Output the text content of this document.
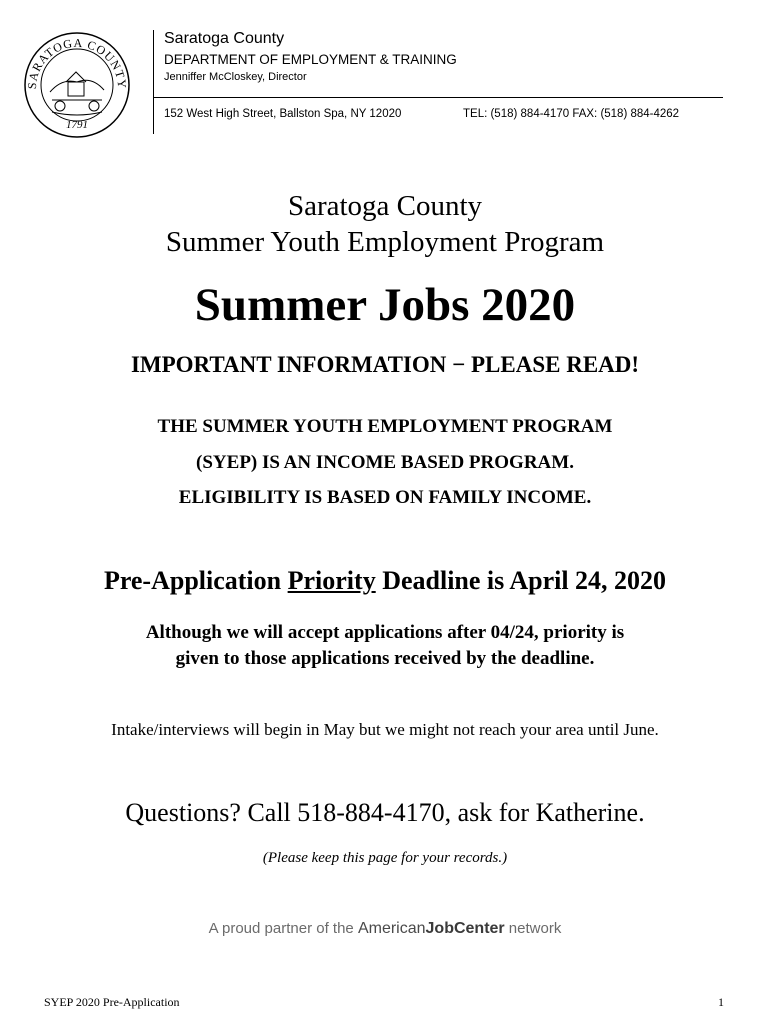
SARATOGA COUNTY
1791
Saratoga County
DEPARTMENT OF EMPLOYMENT & TRAINING
Jenniffer McCloskey, Director
152 West High Street, Ballston Spa, NY 12020	TEL: (518) 884-4170 FAX: (518) 884-4262
Saratoga County
Summer Youth Employment Program
Summer Jobs 2020
IMPORTANT INFORMATION − PLEASE READ!
THE SUMMER YOUTH EMPLOYMENT PROGRAM
(SYEP) IS AN INCOME BASED PROGRAM.
ELIGIBILITY IS BASED ON FAMILY INCOME.
Pre-Application Priority Deadline is April 24, 2020
Although we will accept applications after 04/24, priority is
given to those applications received by the deadline.
Intake/interviews will begin in May but we might not reach your area until June.
Questions? Call 518-884-4170, ask for Katherine.
(Please keep this page for your records.)
A proud partner of the AmericanJobCenter network
SYEP 2020 Pre-Application	1
